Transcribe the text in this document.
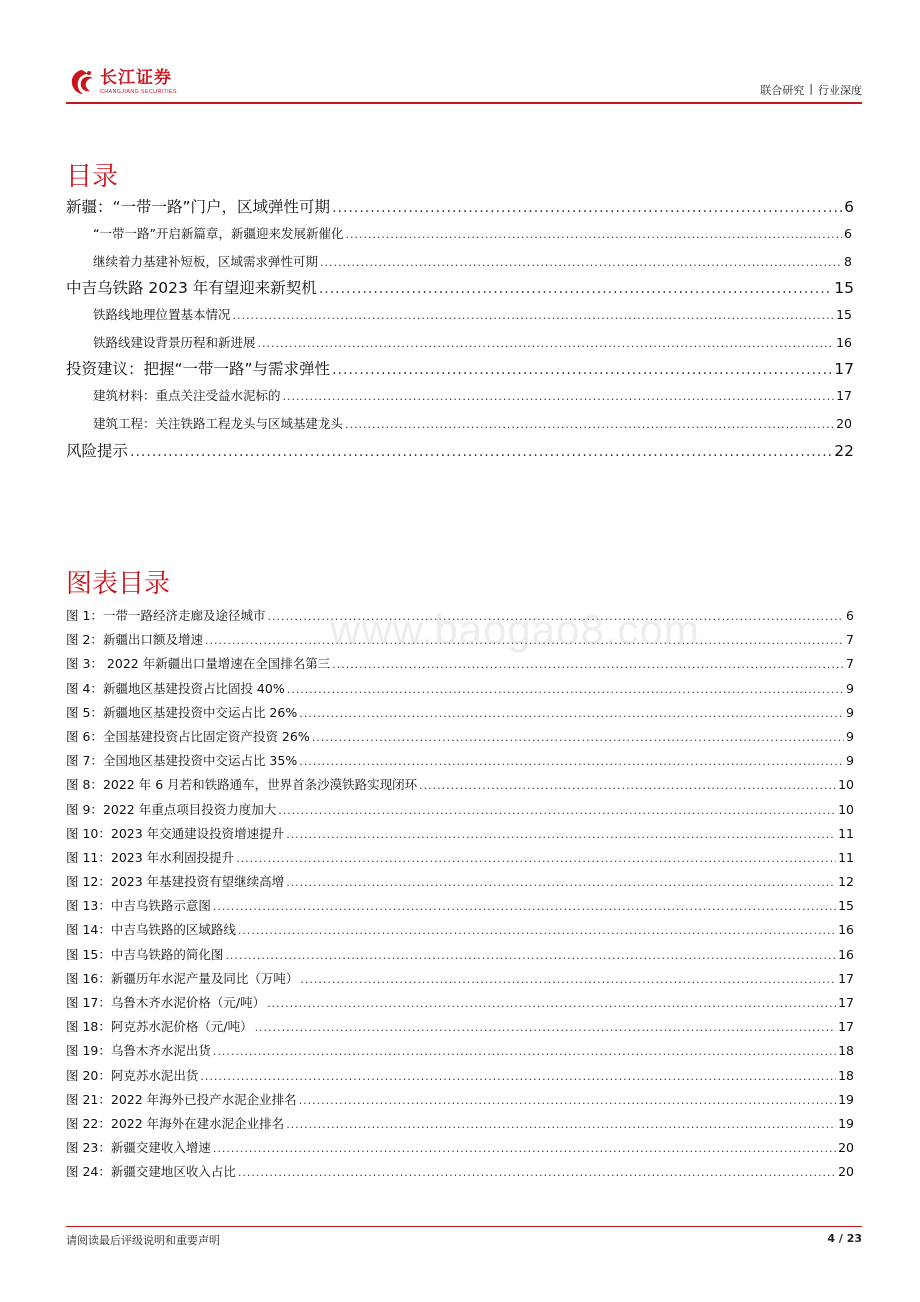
长江证券
CHANGJIANG SECURITIES	联合研究 | 行业深度
目录
新疆：“一带一路”门户，区域弹性可期 .....	6
“一带一路”开启新篇章，新疆迎来发展新催化 .....	6
继续着力基建补短板，区域需求弹性可期 .....	8
中吉乌铁路 2023 年有望迎来新契机 .....	15
铁路线地理位置基本情况 .....	15
铁路线建设背景历程和新进展 .....	16
投资建议：把握“一带一路”与需求弹性 .....	17
建筑材料：重点关注受益水泥标的 .....	17
建筑工程：关注铁路工程龙头与区域基建龙头 .....	20
风险提示 .....	22
图表目录
图 1： 一带一路经济走廊及途径城市 .....	6
图 2： 新疆出口额及增速 .....	7
图 3： 2022 年新疆出口量增速在全国排名第三 .....	7
图 4： 新疆地区基建投资占比固投 40% .....	9
图 5： 新疆地区基建投资中交运占比 26% .....	9
图 6： 全国基建投资占比固定资产投资 26% .....	9
图 7： 全国地区基建投资中交运占比 35% .....	9
图 8： 2022 年 6 月若和铁路通车，世界首条沙漠铁路实现闭环 .....	10
图 9： 2022 年重点项目投资力度加大 .....	10
图 10： 2023 年交通建设投资增速提升 .....	11
图 11： 2023 年水利固投提升 .....	11
图 12： 2023 年基建投资有望继续高增 .....	12
图 13： 中吉乌铁路示意图 .....	15
图 14： 中吉乌铁路的区域路线 .....	16
图 15： 中吉乌铁路的简化图 .....	16
图 16： 新疆历年水泥产量及同比（万吨） .....	17
图 17： 乌鲁木齐水泥价格（元/吨） .....	17
图 18： 阿克苏水泥价格（元/吨） .....	17
图 19： 乌鲁木齐水泥出货 .....	18
图 20： 阿克苏水泥出货 .....	18
图 21： 2022 年海外已投产水泥企业排名 .....	19
图 22： 2022 年海外在建水泥企业排名 .....	19
图 23： 新疆交建收入增速 .....	20
图 24： 新疆交建地区收入占比 .....	20
www.baogao8.com
请阅读最后评级说明和重要声明	4 / 23
